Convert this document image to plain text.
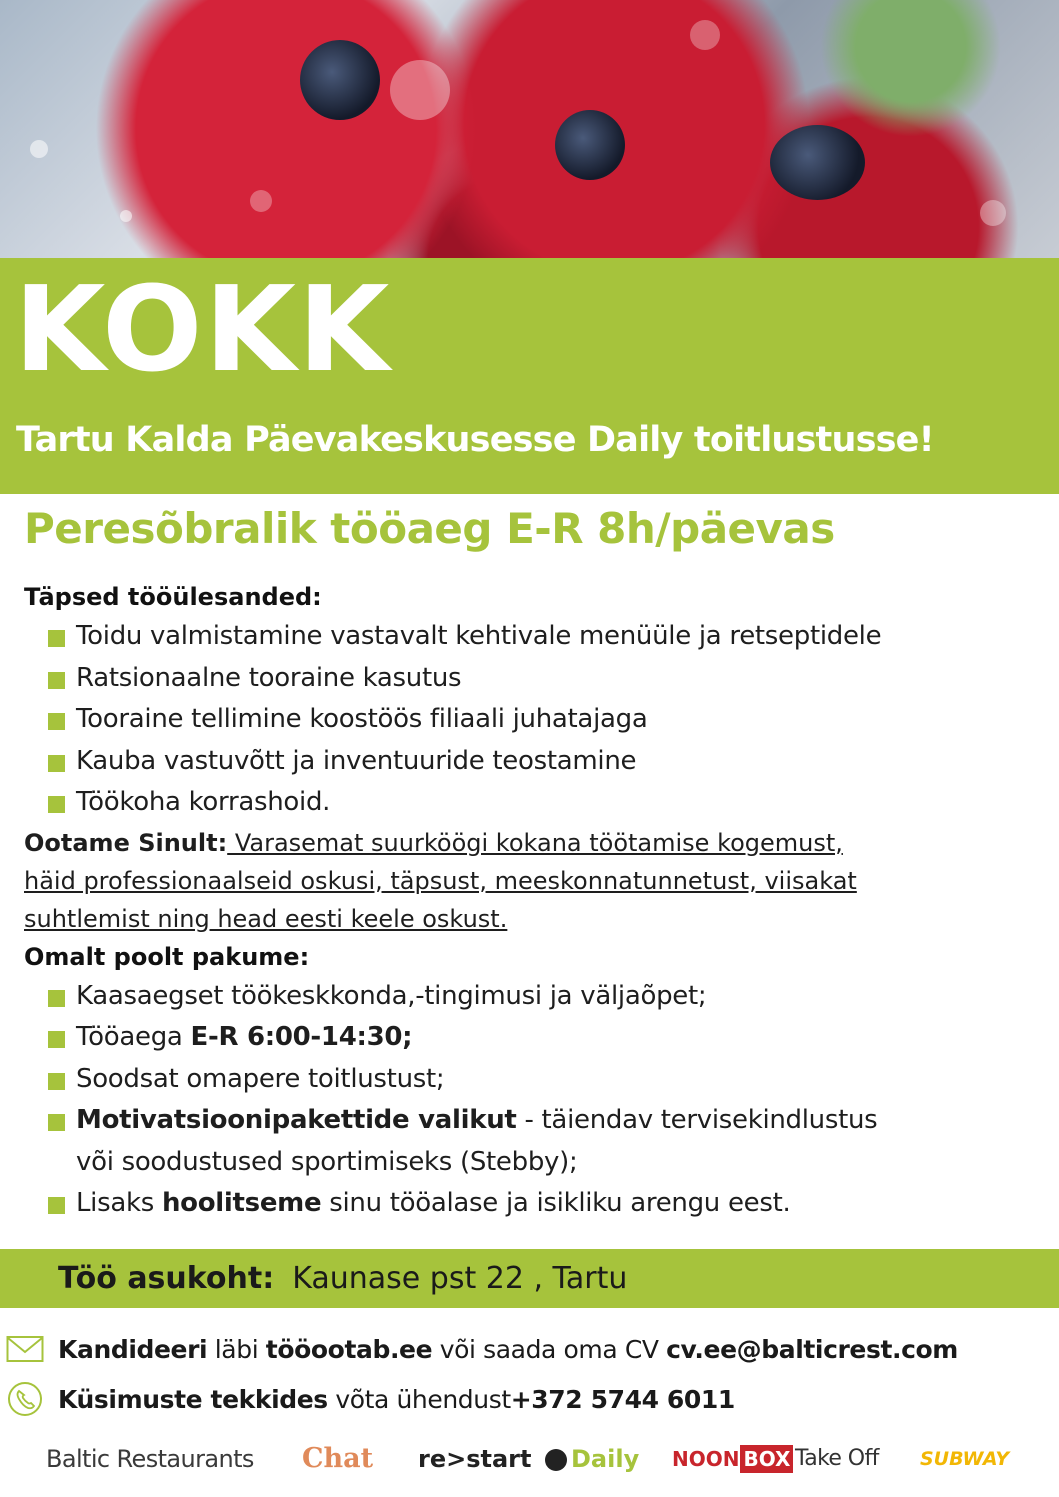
KOKK
Tartu Kalda Päevakeskusesse Daily toitlustusse!
Peresõbralik tööaeg E-R 8h/päevas
Täpsed tööülesanded:
Toidu valmistamine vastavalt kehtivale menüüle ja retseptidele
Ratsionaalne tooraine kasutus
Tooraine tellimine koostöös filiaali juhatajaga
Kauba vastuvõtt ja inventuuride teostamine
Töökoha korrashoid.
Ootame Sinult: Varasemat suurköögi kokana töötamise kogemust,
häid professionaalseid oskusi, täpsust, meeskonnatunnetust, viisakat
suhtlemist ning head eesti keele oskust.
Omalt poolt pakume:
Kaasaegset töökeskkonda,-tingimusi ja väljaõpet;
Tööaega E-R 6:00-14:30;
Soodsat omapere toitlustust;
Motivatsioonipakettide valikut - täiendav tervisekindlustus
või soodustused sportimiseks (Stebby);
Lisaks hoolitseme sinu tööalase ja isikliku arengu eest.
Töö asukoht: Kaunase pst 22 , Tartu
Kandideeri läbi tööootab.ee või saada oma CV cv.ee@balticrest.com
Küsimuste tekkides võta ühendust+372 5744 6011
Baltic Restaurants Chat re>start	Daily NOON BOX Take Off SUBWAY
